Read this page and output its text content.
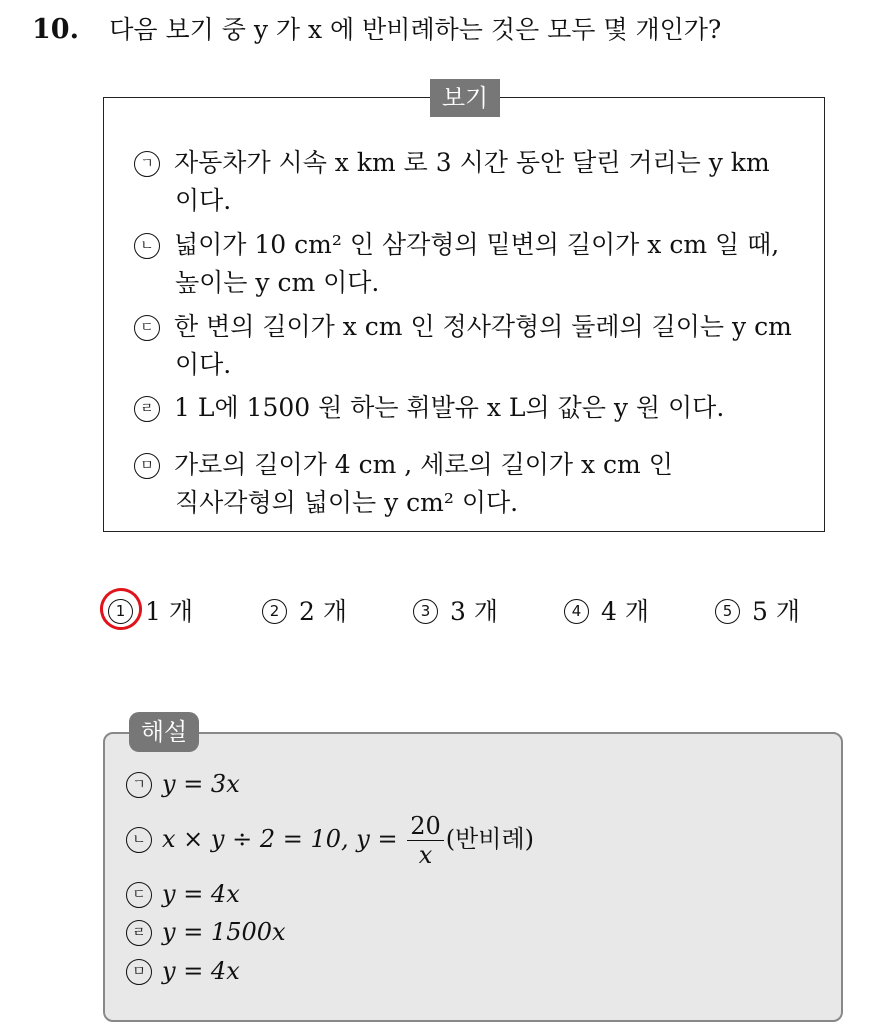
10. 다음 보기 중 y 가 x 에 반비례하는 것은 모두 몇 개인가?
보기
ㄱ 자동차가 시속 x km 로 3 시간 동안 달린 거리는 y km
이다.
ㄴ 넓이가 10 cm² 인 삼각형의 밑변의 길이가 x cm 일 때,
높이는 y cm 이다.
ㄷ 한 변의 길이가 x cm 인 정사각형의 둘레의 길이는 y cm
이다.
ㄹ 1 L에 1500 원 하는 휘발유 x L의 값은 y 원 이다.
ㅁ 가로의 길이가 4 cm , 세로의 길이가 x cm 인
직사각형의 넓이는 y cm² 이다.
1 1 개	2 2 개	3 3 개	4 4 개	5 5 개
해설
ㄱ y = 3x
ㄴ x × y ÷ 2 = 10, $y = \frac{20}{x}$ (반비례)
ㄷ y = 4x
ㄹ y = 1500x
ㅁ y = 4x
